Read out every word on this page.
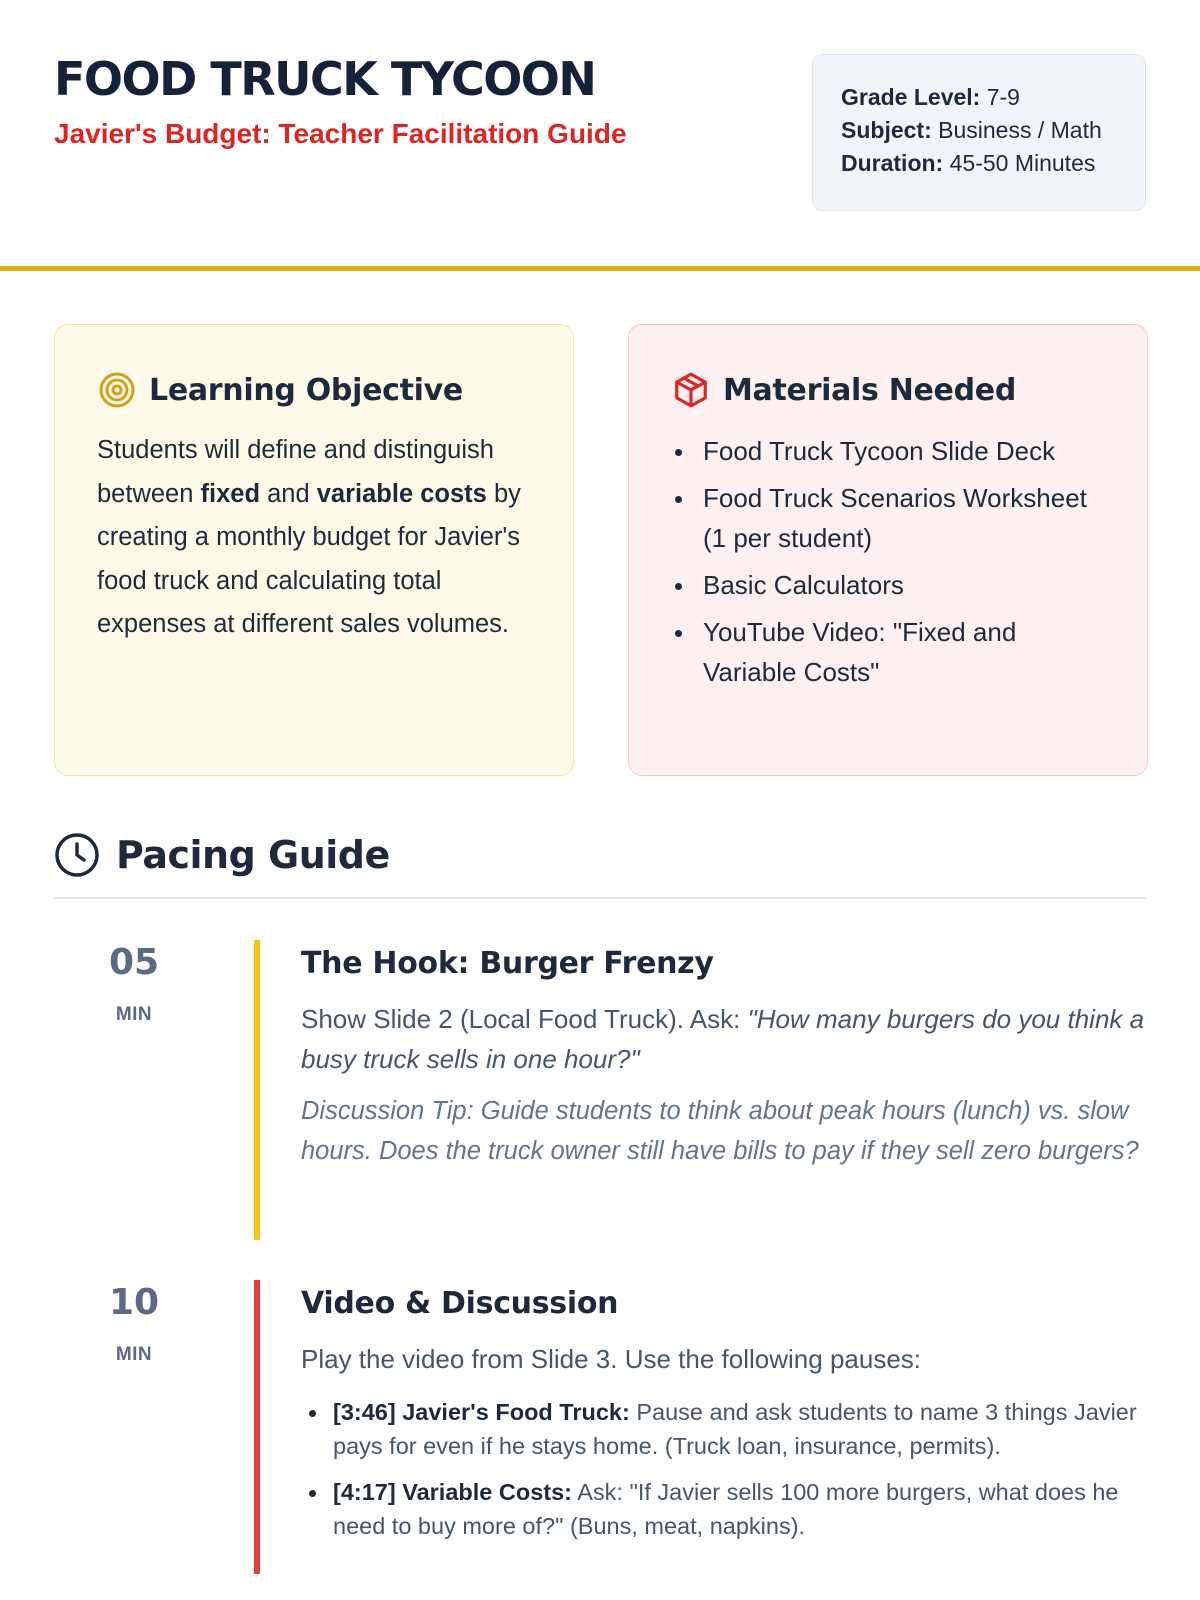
FOOD TRUCK TYCOON
Javier's Budget: Teacher Facilitation Guide
Grade Level: 7-9
Subject: Business / Math
Duration: 45-50 Minutes
Learning Objective
Students will define and distinguish between fixed and variable costs by creating a monthly budget for Javier's food truck and calculating total expenses at different sales volumes.
Materials Needed
Food Truck Tycoon Slide Deck
Food Truck Scenarios Worksheet (1 per student)
Basic Calculators
YouTube Video: "Fixed and Variable Costs"
Pacing Guide
05
MIN
The Hook: Burger Frenzy

Show Slide 2 (Local Food Truck). Ask: "How many burgers do you think a busy truck sells in one hour?"

Discussion Tip: Guide students to think about peak hours (lunch) vs. slow hours. Does the truck owner still have bills to pay if they sell zero burgers?

10
MIN
Video & Discussion

Play the video from Slide 3. Use the following pauses:

[3:46] Javier's Food Truck: Pause and ask students to name 3 things Javier pays for even if he stays home. (Truck loan, insurance, permits).
[4:17] Variable Costs: Ask: "If Javier sells 100 more burgers, what does he need to buy more of?" (Buns, meat, napkins).
